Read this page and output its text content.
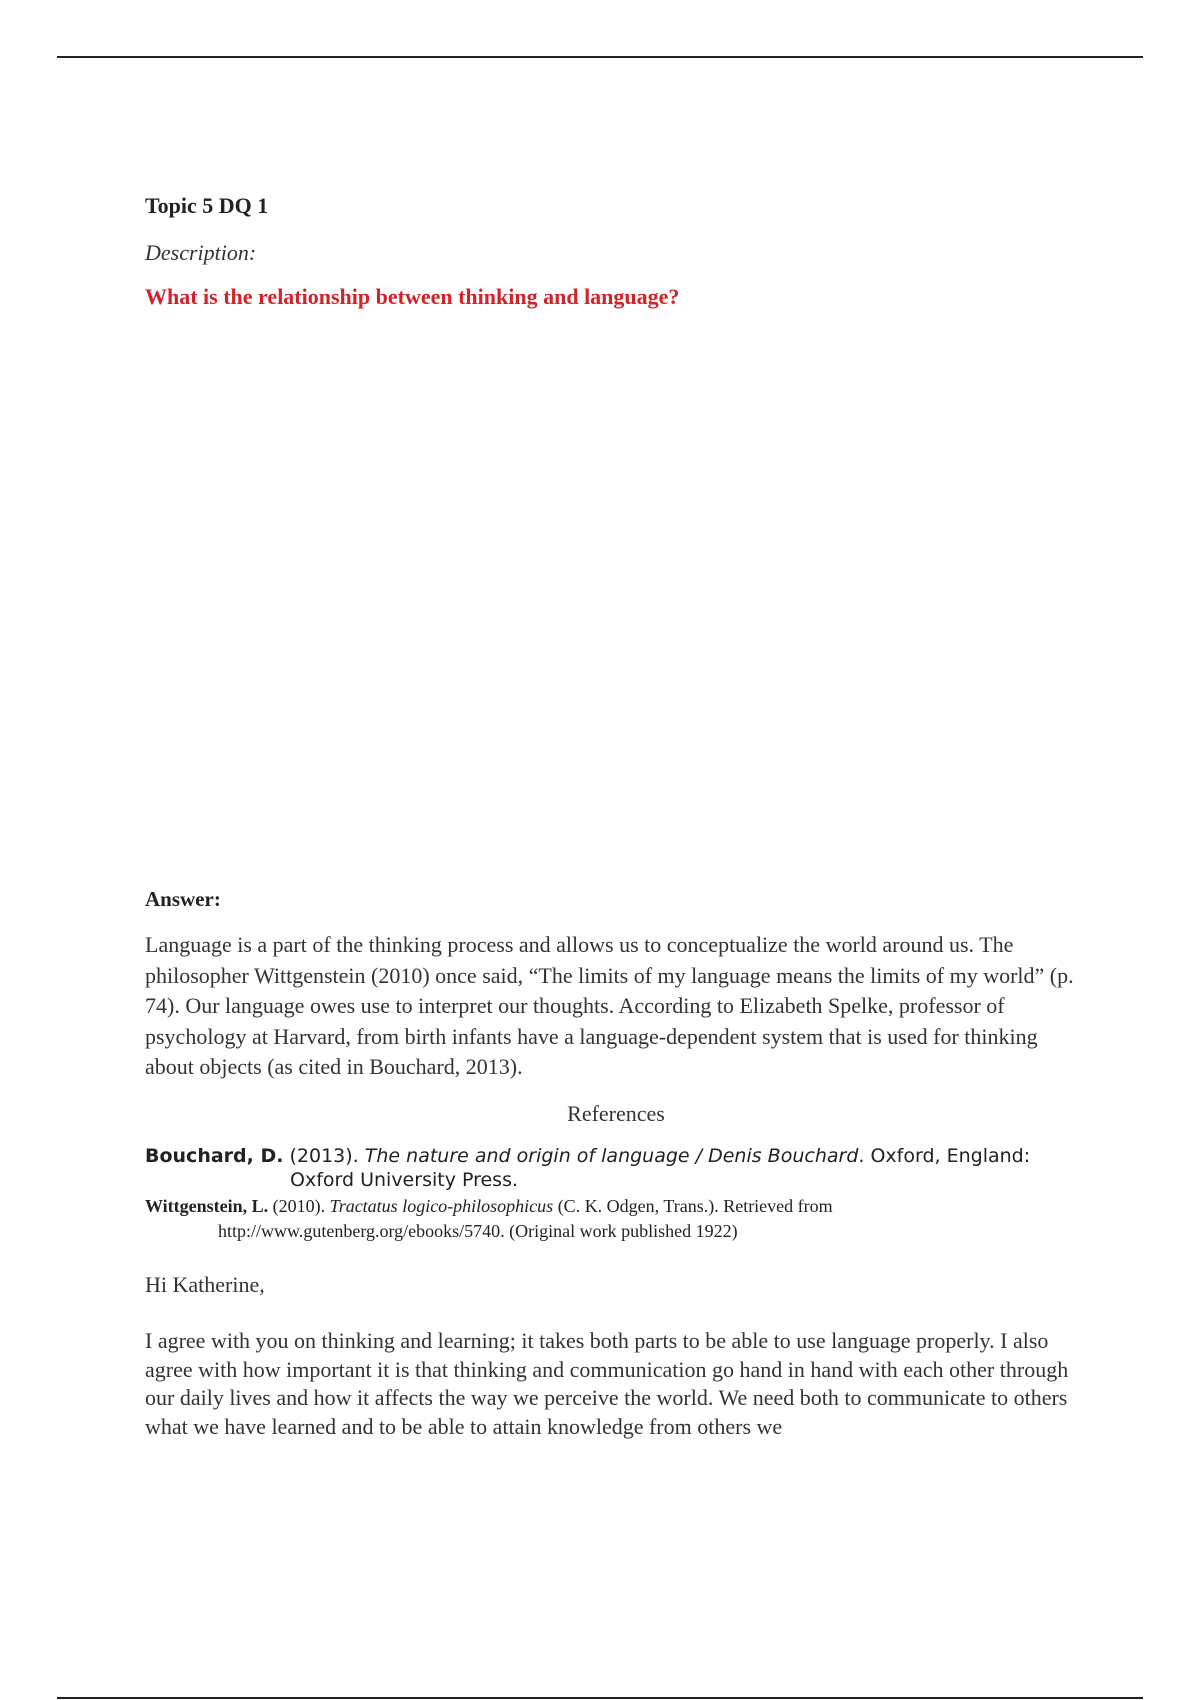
Topic 5 DQ 1
Description:
What is the relationship between thinking and language?
Answer:

Language is a part of the thinking process and allows us to conceptualize the world around us. The philosopher Wittgenstein (2010) once said, “The limits of my language means the limits of my world” (p. 74). Our language owes use to interpret our thoughts. According to Elizabeth Spelke, professor of psychology at Harvard, from birth infants have a language-dependent system that is used for thinking about objects (as cited in Bouchard, 2013).

References

Bouchard, D. (2013). The nature and origin of language / Denis Bouchard. Oxford, England: Oxford University Press.

Wittgenstein, L. (2010). Tractatus logico-philosophicus (C. K. Odgen, Trans.). Retrieved from http://www.gutenberg.org/ebooks/5740. (Original work published 1922)

Hi Katherine,

I agree with you on thinking and learning; it takes both parts to be able to use language properly. I also agree with how important it is that thinking and communication go hand in hand with each other through our daily lives and how it affects the way we perceive the world. We need both to communicate to others what we have learned and to be able to attain knowledge from others we
